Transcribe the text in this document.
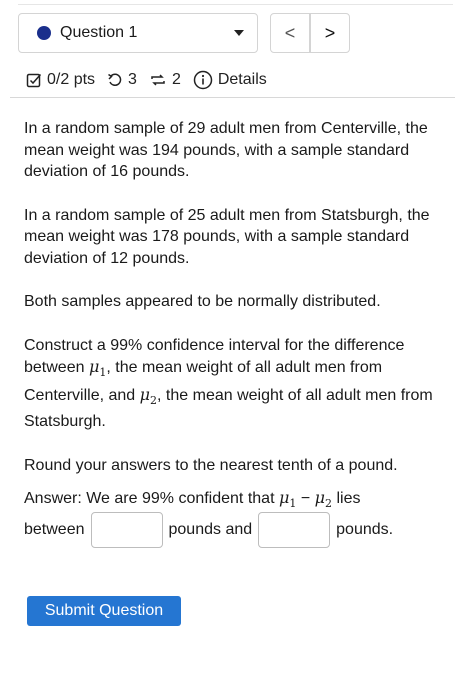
Question 1	<	>
0/2 pts 3 2 Details

In a random sample of 29 adult men from Centerville, the mean weight was 194 pounds, with a sample standard deviation of 16 pounds.

In a random sample of 25 adult men from Statsburgh, the mean weight was 178 pounds, with a sample standard deviation of 12 pounds.

Both samples appeared to be normally distributed.

Construct a 99% confidence interval for the difference between $\mu_1$, the mean weight of all adult men from Centerville, and $\mu_2$, the mean weight of all adult men from Statsburgh.

Round your answers to the nearest tenth of a pound.

Answer: We are 99% confident that $\mu_1 - \mu_2$ lies
between	pounds and	pounds.
Submit Question
